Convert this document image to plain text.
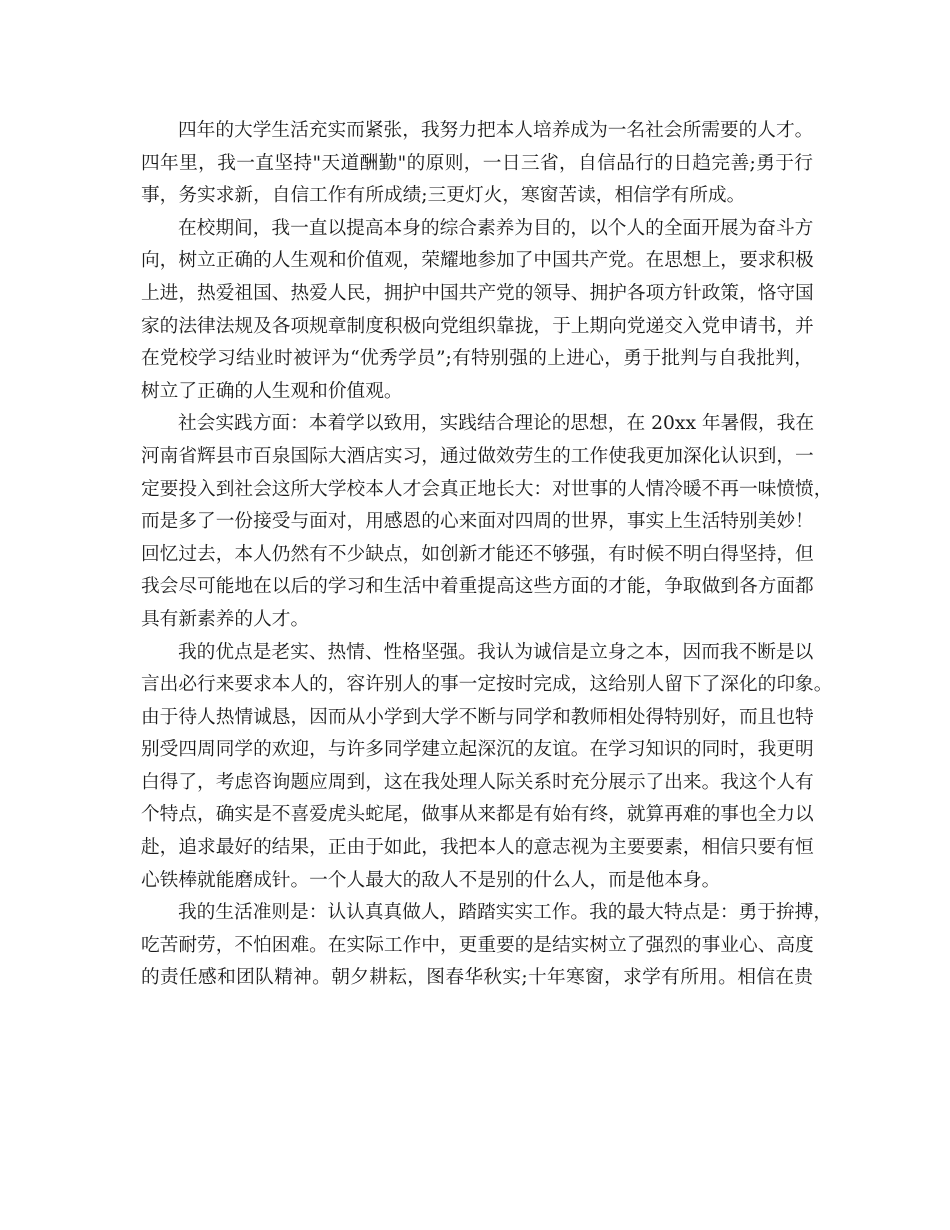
四年的大学生活充实而紧张，我努力把本人培养成为一名社会所需要的人才。
四年里，我一直坚持"天道酬勤"的原则，一日三省，自信品行的日趋完善;勇于行
事，务实求新，自信工作有所成绩;三更灯火，寒窗苦读，相信学有所成。
在校期间，我一直以提高本身的综合素养为目的，以个人的全面开展为奋斗方
向，树立正确的人生观和价值观，荣耀地参加了中国共产党。在思想上，要求积极
上进，热爱祖国、热爱人民，拥护中国共产党的领导、拥护各项方针政策，恪守国
家的法律法规及各项规章制度积极向党组织靠拢，于上期向党递交入党申请书，并
在党校学习结业时被评为“优秀学员”;有特别强的上进心，勇于批判与自我批判，
树立了正确的人生观和价值观。
社会实践方面：本着学以致用，实践结合理论的思想，在 20xx 年暑假，我在
河南省辉县市百泉国际大酒店实习，通过做效劳生的工作使我更加深化认识到，一
定要投入到社会这所大学校本人才会真正地长大：对世事的人情冷暖不再一味愤愤，
而是多了一份接受与面对，用感恩的心来面对四周的世界，事实上生活特别美妙！
回忆过去，本人仍然有不少缺点，如创新才能还不够强，有时候不明白得坚持，但
我会尽可能地在以后的学习和生活中着重提高这些方面的才能，争取做到各方面都
具有新素养的人才。
我的优点是老实、热情、性格坚强。我认为诚信是立身之本，因而我不断是以
言出必行来要求本人的，容许别人的事一定按时完成，这给别人留下了深化的印象。
由于待人热情诚恳，因而从小学到大学不断与同学和教师相处得特别好，而且也特
别受四周同学的欢迎，与许多同学建立起深沉的友谊。在学习知识的同时，我更明
白得了，考虑咨询题应周到，这在我处理人际关系时充分展示了出来。我这个人有
个特点，确实是不喜爱虎头蛇尾，做事从来都是有始有终，就算再难的事也全力以
赴，追求最好的结果，正由于如此，我把本人的意志视为主要要素，相信只要有恒
心铁棒就能磨成针。一个人最大的敌人不是别的什么人，而是他本身。
我的生活准则是：认认真真做人，踏踏实实工作。我的最大特点是：勇于拚搏，
吃苦耐劳，不怕困难。在实际工作中，更重要的是结实树立了强烈的事业心、高度
的责任感和团队精神。朝夕耕耘，图春华秋实;十年寒窗，求学有所用。相信在贵
